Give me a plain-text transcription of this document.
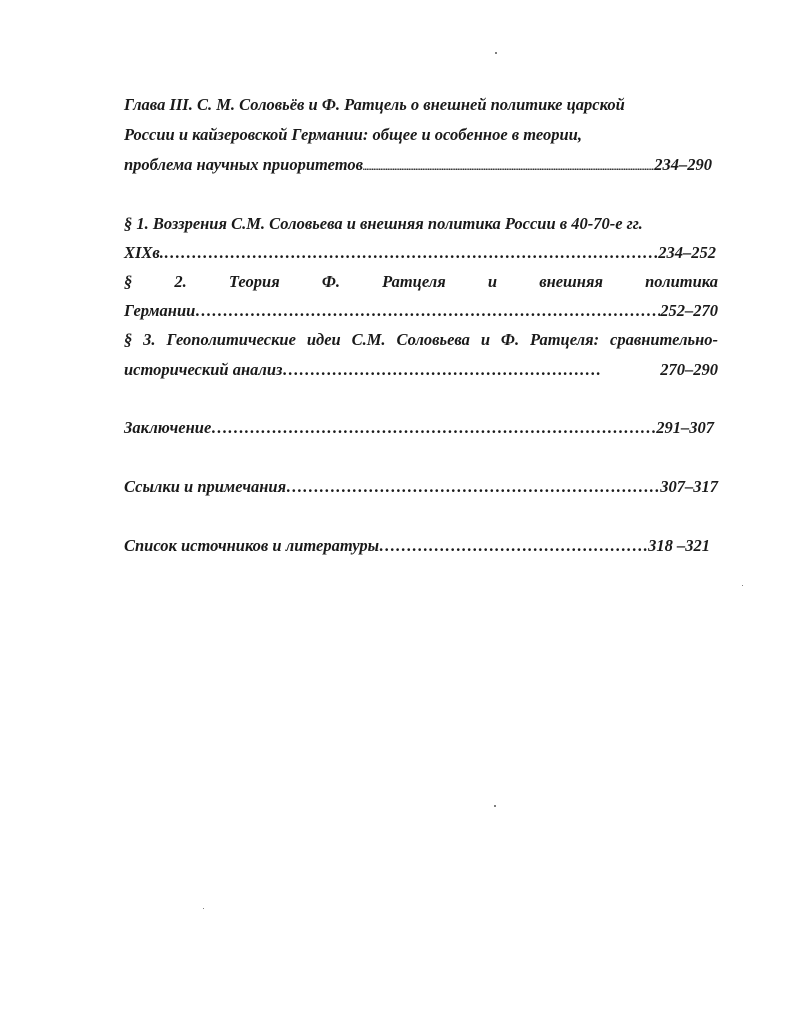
Глава III. С. М. Соловьёв и Ф. Ратцель о внешней политике царской

России и кайзеровской Германии: общее и особенное в теории,

проблема научных приоритетов .....	234–290

§ 1. Воззрения С.М. Соловьева и внешняя политика России в 40-70-е гг.

XIXв. ……………………………………………………………………………………………………………………………………………………………	234–252

§ 2. Теория Ф. Ратцеля и внешняя политика

Германии ……………………………………………………………………………………………………………………………………………………………	252–270

§ 3. Геополитические идеи С.М. Соловьева и Ф. Ратцеля: сравнительно-

исторический анализ ……………………………………………………………………………………………………………………………………………………………	270–290
Заключение ……………………………………………………………………………………………………………………………………………………………	291–307
Ссылки и примечания ……………………………………………………………………………………………………………………………………………………………	307–317
Список источников и литературы ……………………………………………………………………………………………………………………………………………………………	318 –321
